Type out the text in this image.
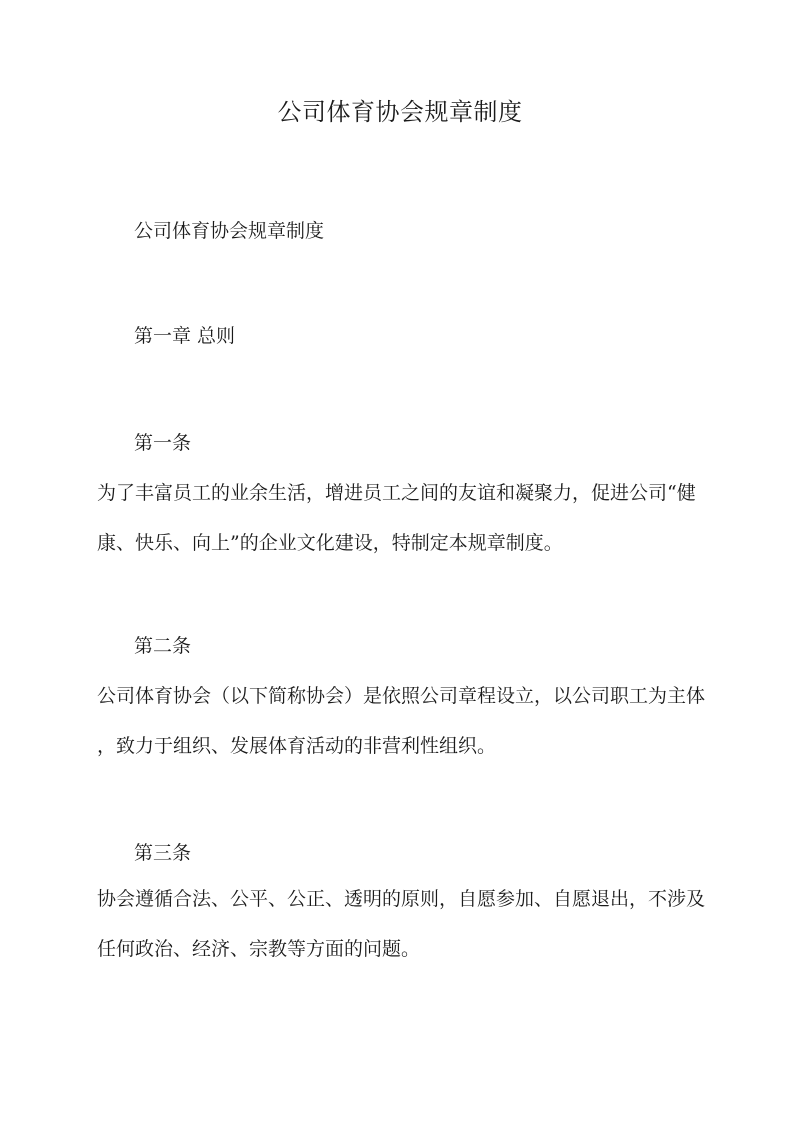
公司体育协会规章制度
公司体育协会规章制度
第一章 总则
第一条
为了丰富员工的业余生活，增进员工之间的友谊和凝聚力，促进公司“健
康、快乐、向上”的企业文化建设，特制定本规章制度。
第二条
公司体育协会（以下简称协会）是依照公司章程设立，以公司职工为主体
，致力于组织、发展体育活动的非营利性组织。
第三条
协会遵循合法、公平、公正、透明的原则，自愿参加、自愿退出，不涉及
任何政治、经济、宗教等方面的问题。
